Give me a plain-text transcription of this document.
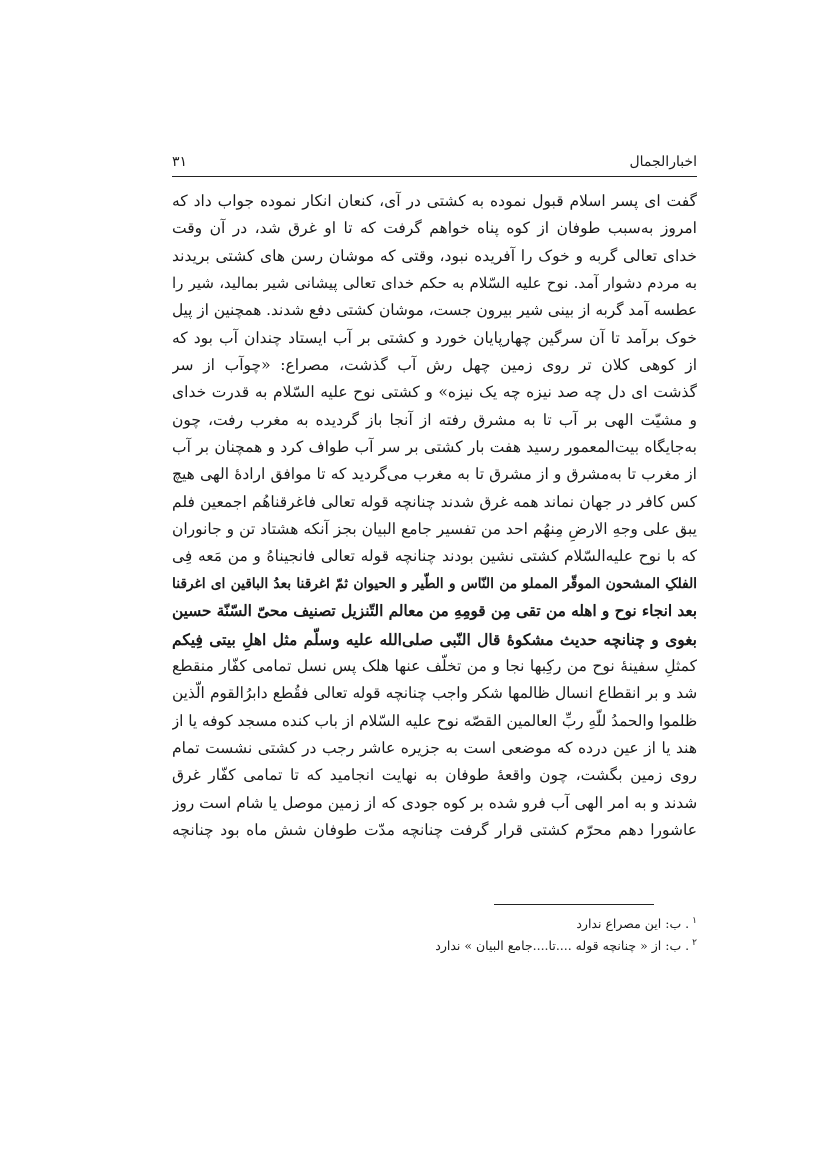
اخبارالجمال
۳۱
گفت ای پسر اسلام قبول نموده به کشتی در آی، کنعان انکار نموده جواب داد که
امروز به‌سبب طوفان از کوه پناه خواهم گرفت که تا او غرق شد، در آن وقت
خدای تعالی گربه و خوک را آفریده نبود، وقتی که موشان رسن های کشتی بریدند
به مردم دشوار آمد. نوح علیه السّلام به حکم خدای تعالی پیشانی شیر بمالید، شیر را
عطسه آمد گربه از بینی شیر بیرون جست، موشان کشتی دفع شدند. همچنین از پیل
خوک برآمد تا آن سرگین چهارپایان خورد و کشتی بر آب ایستاد چندان آب بود که
از کوهی کلان تر روی زمین چهل رش آب گذشت، مصراع: «چوآب از سر
گذشت ای دل چه صد نیزه چه یک نیزه» و کشتی نوح علیه السّلام به قدرت خدای
و مشیّت الهی بر آب تا به مشرق رفته از آنجا باز گردیده به مغرب رفت، چون
به‌جایگاه بیت‌المعمور رسید هفت بار کشتی بر سر آب طواف کرد و همچنان بر آب
از مغرب تا به‌مشرق و از مشرق تا به مغرب می‌گردید که تا موافق ارادهٔ الهی هیچ
کس کافر در جهان نماند همه غرق شدند چنانچه قوله تعالی فاغرقناهُم اجمعین فلم
یبق علی وجهِ الارضِ مِنهُم احد من تفسیر جامع البیان بجز آنکه هشتاد تن و جانوران
که با نوح علیه‌السّلام کشتی نشین بودند چنانچه قوله تعالی فانجیناهُ و من مَعه فِی
الفلکِ المشحون الموقّر المملو من النّاس و الطّیر و الحیوان ثمّ اغرقنا بعدُ الباقین ای اغرقنا
بعد انجاء نوح و اهله من تقی مِن قومِهِ من معالم التّنزیل تصنیف محیّ السّنّة حسین
بغوی و چنانچه حدیث مشکوۀ قال النّبی صلی‌الله علیه وسلّم مثل اهلِ بیتی فِیکم
کمثلِ سفینهٔ نوح من رکِبها نجا و من تخلّف عنها هلک پس نسل تمامی کفّار منقطع
شد و بر انقطاع انسال ظالمها شکر واجب چنانچه قوله تعالی فقُطع دابرُالقوم الّذین
ظلموا والحمدُ للّهِ ربِّ العالمین القصّه نوح علیه السّلام از باب کنده مسجد کوفه یا از
هند یا از عین درده که موضعی است به جزیره عاشر رجب در کشتی نشست تمام
روی زمین بگشت، چون واقعهٔ طوفان به نهایت انجامید که تا تمامی کفّار غرق
شدند و به امر الهی آب فرو شده بر کوه جودی که از زمین موصل یا شام است روز
عاشورا دهم محرّم کشتی قرار گرفت چنانچه مدّت طوفان شش ماه بود چنانچه
$^۱$. ب: این مصراع ندارد
$^۲$. ب: از « چنانچه قوله ....تا....جامع البیان » ندارد
